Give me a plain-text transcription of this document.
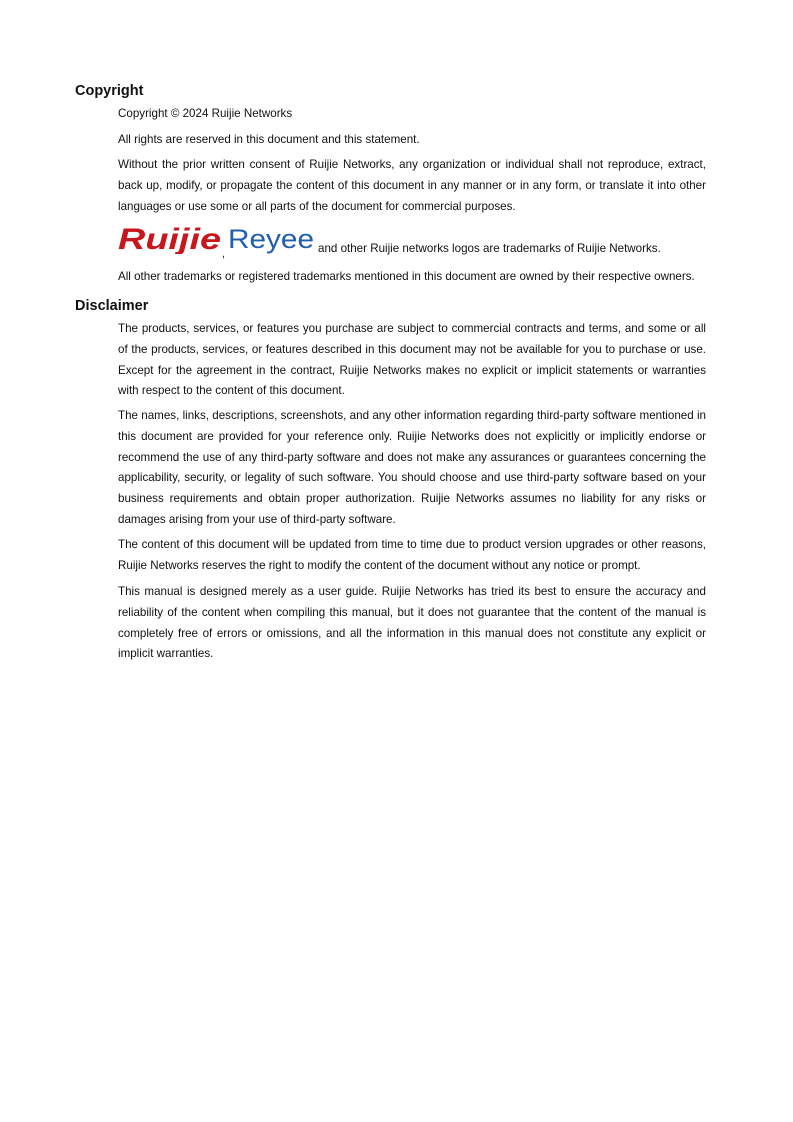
Copyright

Copyright © 2024 Ruijie Networks

All rights are reserved in this document and this statement.

Without the prior written consent of Ruijie Networks, any organization or individual shall not reproduce, extract, back up, modify, or propagate the content of this document in any manner or in any form, or translate it into other languages or use some or all parts of the document for commercial purposes.

Ruijie , Reyee and other Ruijie networks logos are trademarks of Ruijie Networks.

All other trademarks or registered trademarks mentioned in this document are owned by their respective owners.

Disclaimer

The products, services, or features you purchase are subject to commercial contracts and terms, and some or all of the products, services, or features described in this document may not be available for you to purchase or use. Except for the agreement in the contract, Ruijie Networks makes no explicit or implicit statements or warranties with respect to the content of this document.

The names, links, descriptions, screenshots, and any other information regarding third-party software mentioned in this document are provided for your reference only. Ruijie Networks does not explicitly or implicitly endorse or recommend the use of any third-party software and does not make any assurances or guarantees concerning the applicability, security, or legality of such software. You should choose and use third-party software based on your business requirements and obtain proper authorization. Ruijie Networks assumes no liability for any risks or damages arising from your use of third-party software.

The content of this document will be updated from time to time due to product version upgrades or other reasons, Ruijie Networks reserves the right to modify the content of the document without any notice or prompt.

This manual is designed merely as a user guide. Ruijie Networks has tried its best to ensure the accuracy and reliability of the content when compiling this manual, but it does not guarantee that the content of the manual is completely free of errors or omissions, and all the information in this manual does not constitute any explicit or implicit warranties.
